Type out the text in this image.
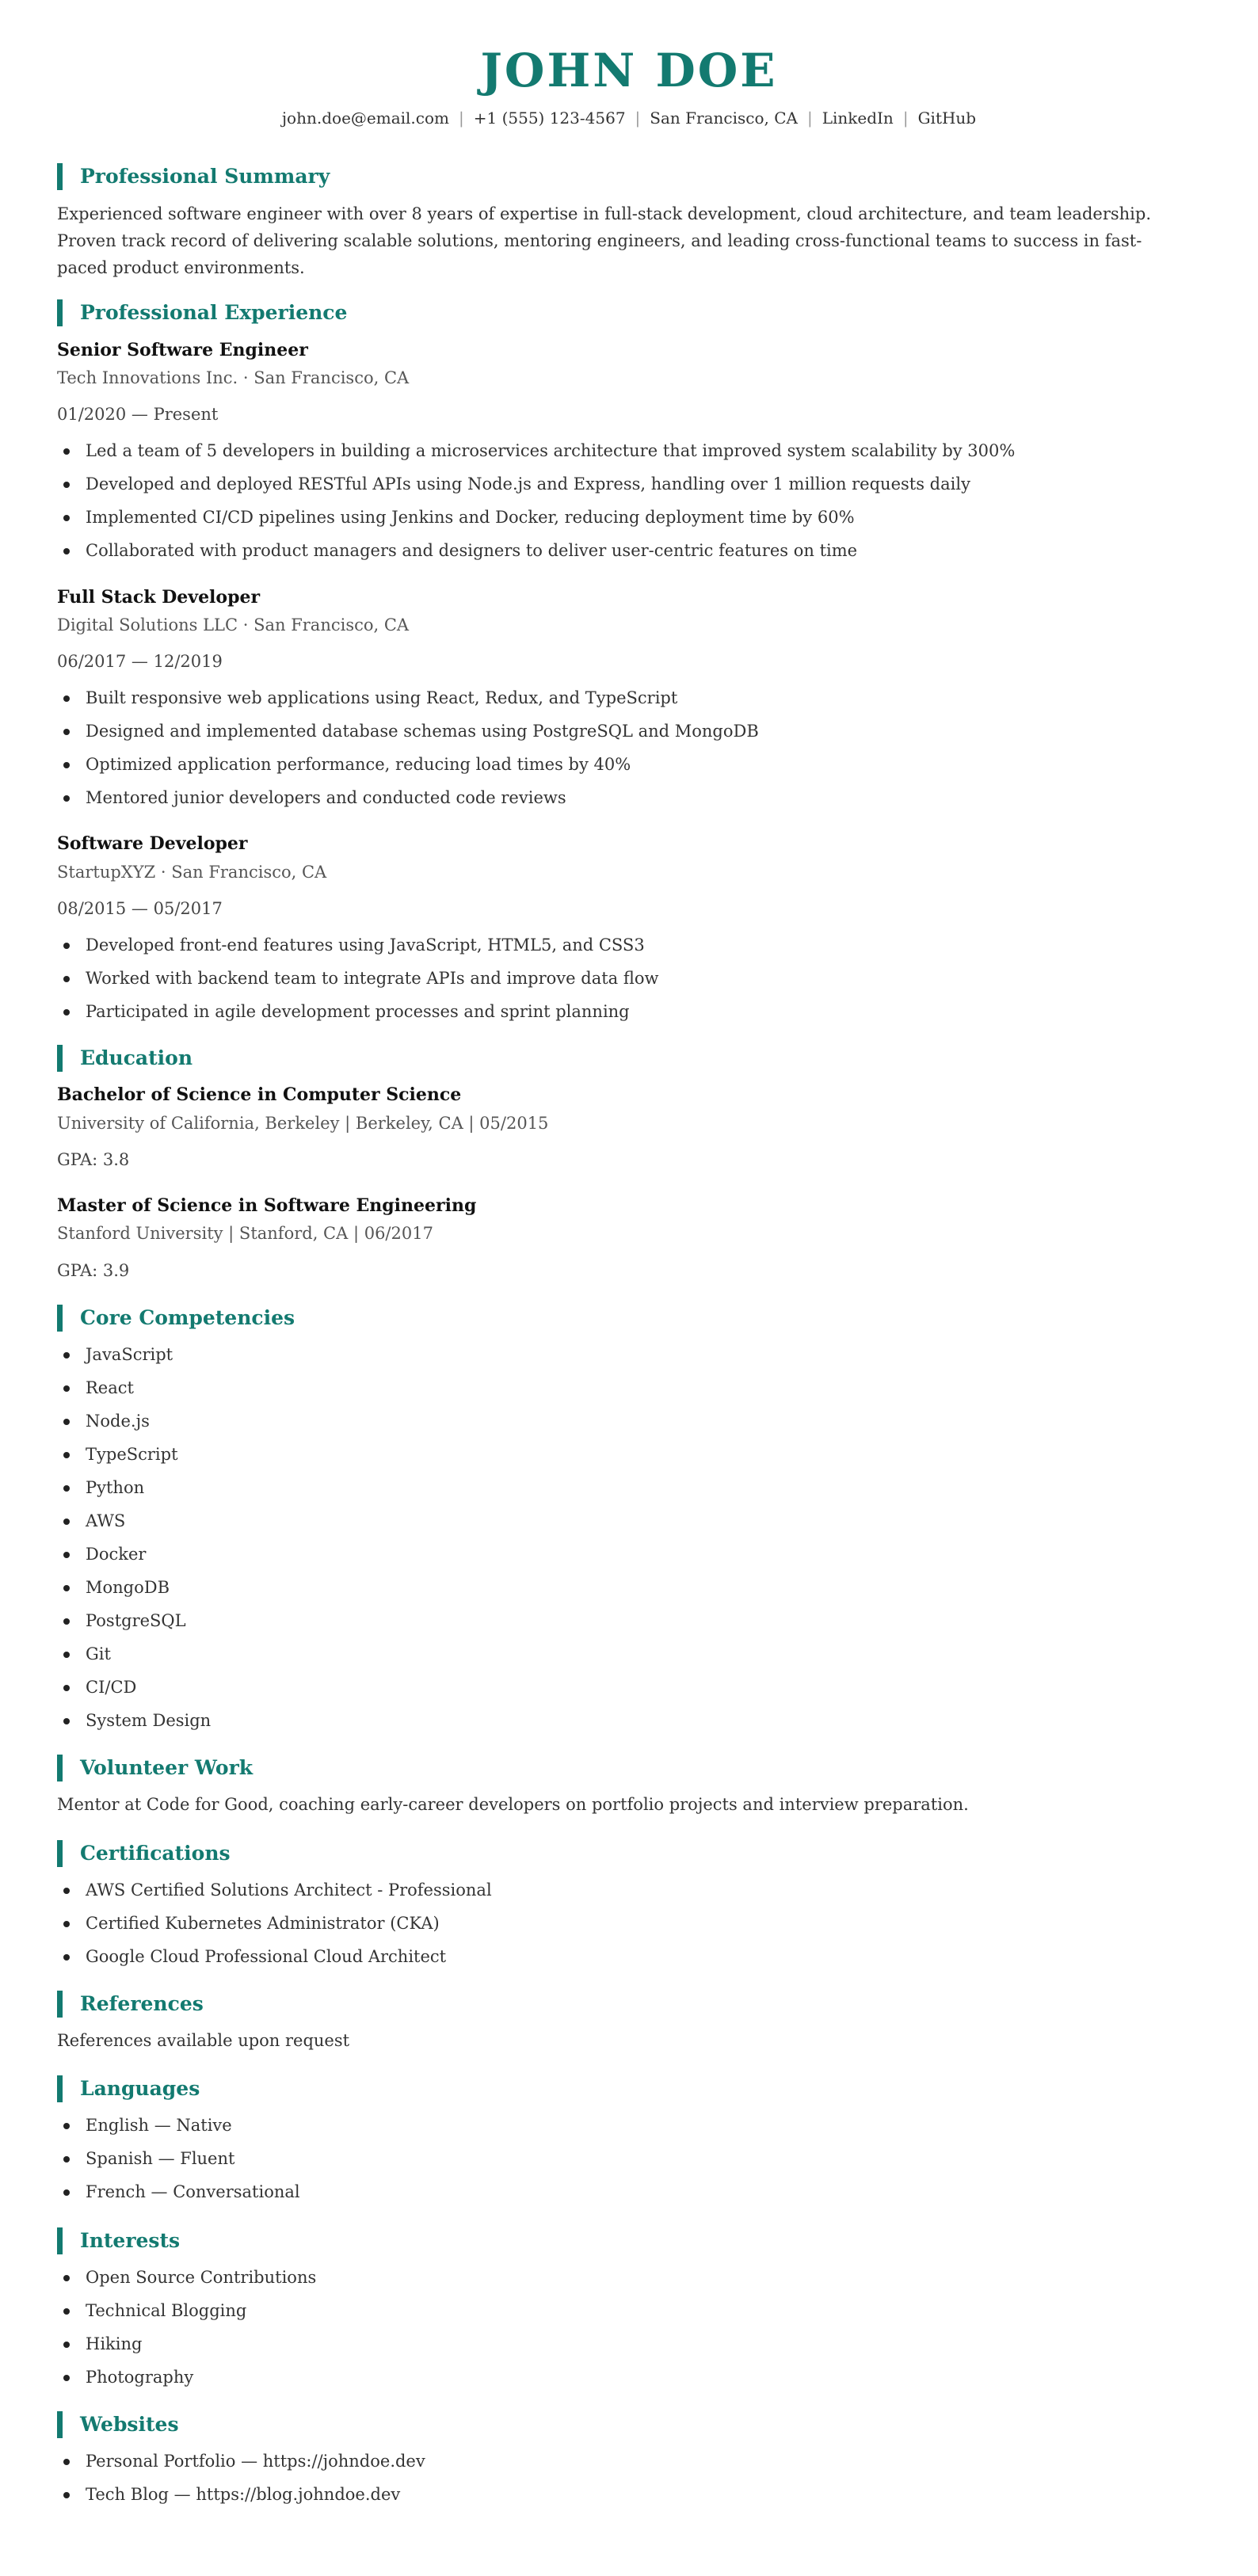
JOHN DOE
john.doe@email.com | +1 (555) 123-4567 | San Francisco, CA | LinkedIn | GitHub
Professional Summary

Experienced software engineer with over 8 years of expertise in full-stack development, cloud architecture, and team leadership. Proven track record of delivering scalable solutions, mentoring engineers, and leading cross-functional teams to success in fast-paced product environments.

Professional Experience
Senior Software Engineer
Tech Innovations Inc. · San Francisco, CA
01/2020 — Present
Led a team of 5 developers in building a microservices architecture that improved system scalability by 300%
Developed and deployed RESTful APIs using Node.js and Express, handling over 1 million requests daily
Implemented CI/CD pipelines using Jenkins and Docker, reducing deployment time by 60%
Collaborated with product managers and designers to deliver user-centric features on time
Full Stack Developer
Digital Solutions LLC · San Francisco, CA
06/2017 — 12/2019
Built responsive web applications using React, Redux, and TypeScript
Designed and implemented database schemas using PostgreSQL and MongoDB
Optimized application performance, reducing load times by 40%
Mentored junior developers and conducted code reviews
Software Developer
StartupXYZ · San Francisco, CA
08/2015 — 05/2017
Developed front-end features using JavaScript, HTML5, and CSS3
Worked with backend team to integrate APIs and improve data flow
Participated in agile development processes and sprint planning
Education
Bachelor of Science in Computer Science
University of California, Berkeley | Berkeley, CA | 05/2015
GPA: 3.8
Master of Science in Software Engineering
Stanford University | Stanford, CA | 06/2017
GPA: 3.9
Core Competencies
JavaScript
React
Node.js
TypeScript
Python
AWS
Docker
MongoDB
PostgreSQL
Git
CI/CD
System Design
Volunteer Work

Mentor at Code for Good, coaching early-career developers on portfolio projects and interview preparation.

Certifications
AWS Certified Solutions Architect - Professional
Certified Kubernetes Administrator (CKA)
Google Cloud Professional Cloud Architect
References

References available upon request

Languages
English — Native
Spanish — Fluent
French — Conversational
Interests
Open Source Contributions
Technical Blogging
Hiking
Photography
Websites
Personal Portfolio — https://johndoe.dev
Tech Blog — https://blog.johndoe.dev
